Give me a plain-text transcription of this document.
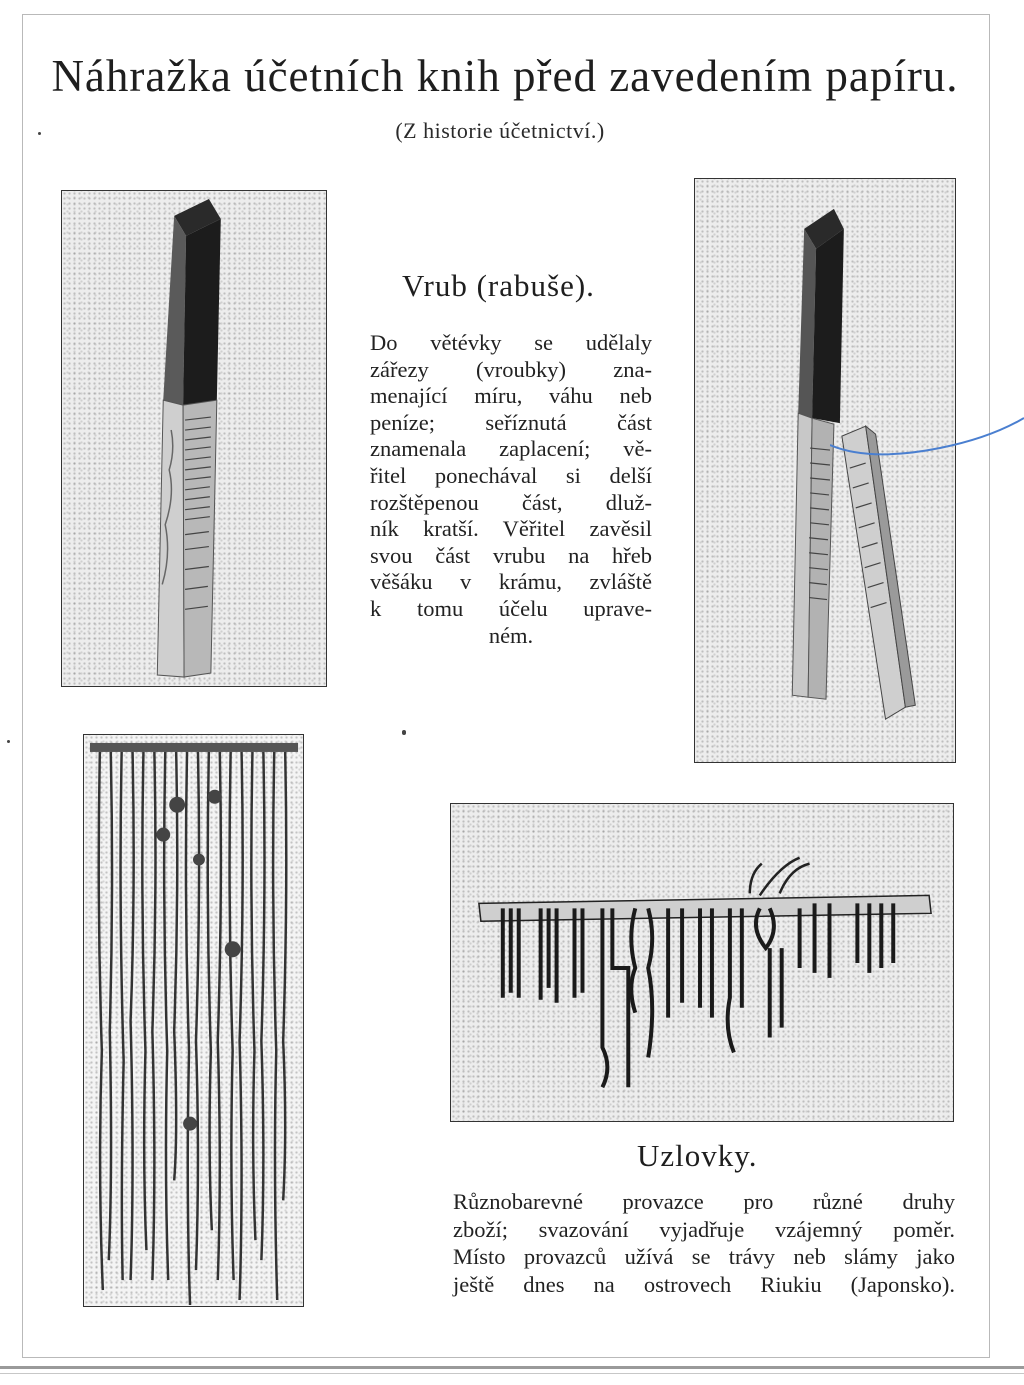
Náhražka účetních knih před zavedením papíru.
(Z historie účetnictví.)
Vrub (rabuše).
Do větévky se udělaly
zářezy (vroubky) zna-
menající míru, váhu neb
peníze; seříznutá část
znamenala zaplacení; vě-
řitel ponechával si delší
rozštěpenou část, dluž-
ník kratší. Věřitel zavěsil
svou část vrubu na hřeb
věšáku v krámu, zvláště
k tomu účelu uprave-
ném.
Uzlovky.
Různobarevné provazce pro různé druhy
zboží; svazování vyjadřuje vzájemný poměr.
Místo provazců užívá se trávy neb slámy jako
ještě dnes na ostrovech Riukiu (Japonsko).
